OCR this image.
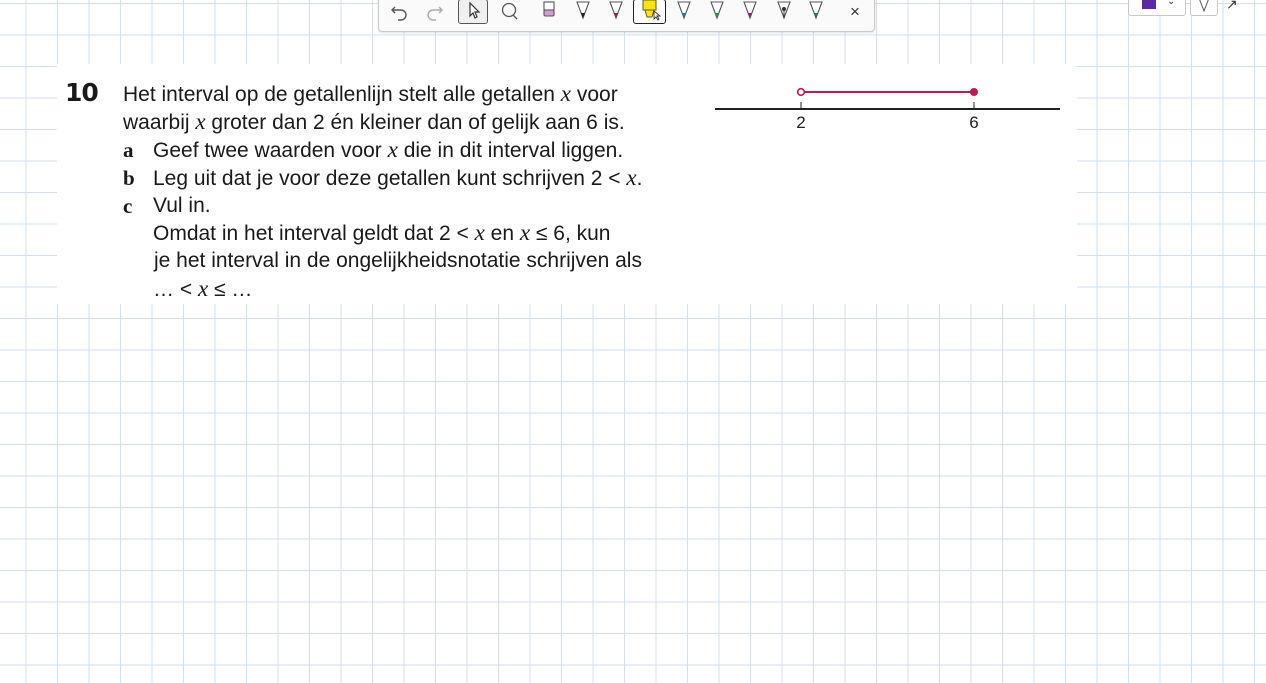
×
⌄	↗
10 Het interval op de getallenlijn stelt alle getallen x voor
waarbij x groter dan 2 én kleiner dan of gelijk aan 6 is.
a Geef twee waarden voor x die in dit interval liggen.
b Leg uit dat je voor deze getallen kunt schrijven 2 < x.
c Vul in.
Omdat in het interval geldt dat 2 < x en x ≤ 6, kun
je het interval in de ongelijkheidsnotatie schrijven als
… < x ≤ …
2	6
